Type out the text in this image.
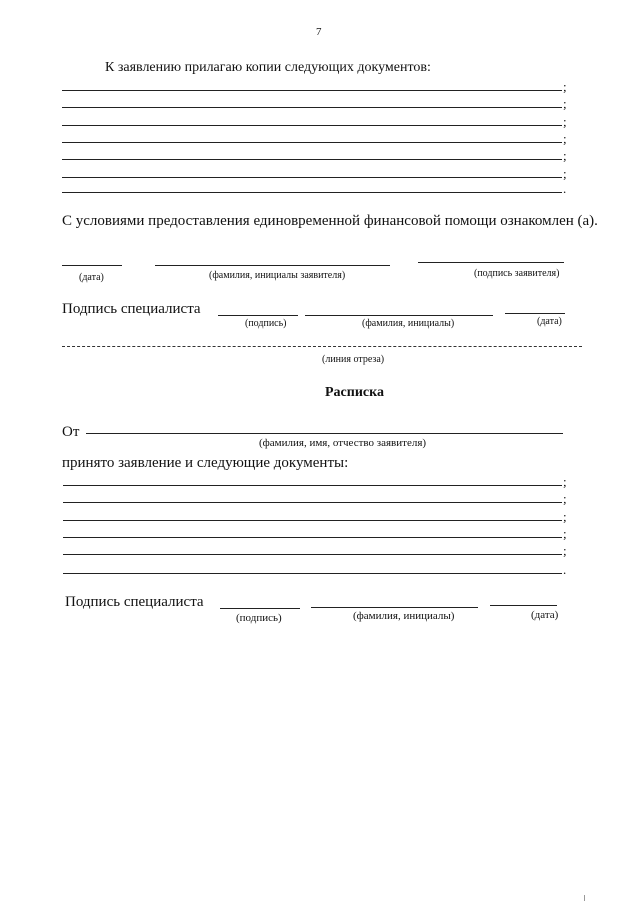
7
К заявлению прилагаю копии следующих документов:
;
;
;
;
;
;
.
С условиями предоставления единовременной финансовой помощи ознакомлен (а).
(дата)	(фамилия, инициалы заявителя)	(подпись заявителя)
Подпись специалиста
(подпись)	(фамилия, инициалы)	(дата)
(линия отреза)
Расписка
От
(фамилия, имя, отчество заявителя)
принято заявление и следующие документы:
;
;
;
;
;
.
Подпись специалиста
(подпись)	(фамилия, инициалы)	(дата)
